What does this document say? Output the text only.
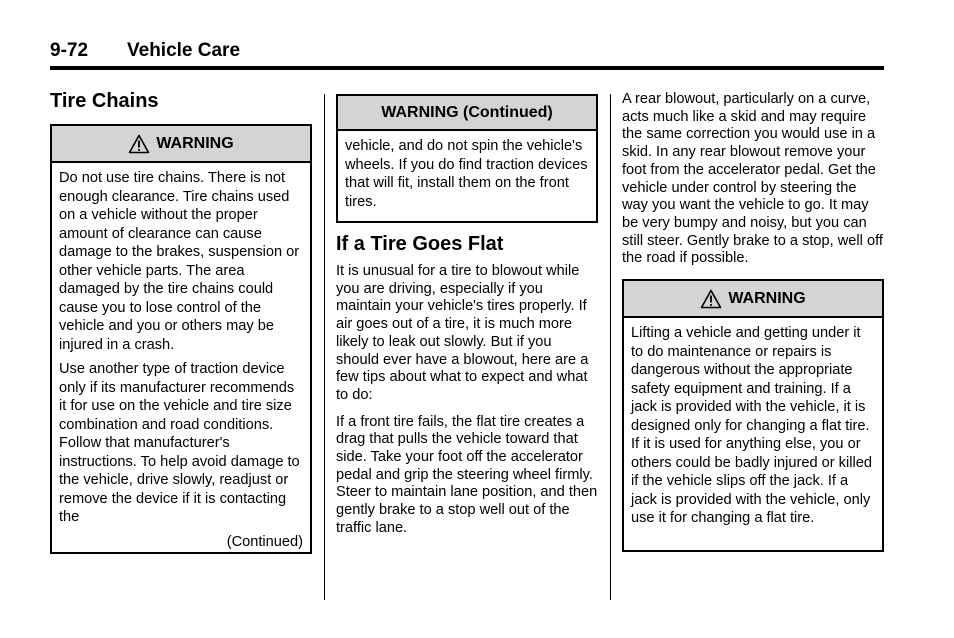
9-72 Vehicle Care
Tire Chains
WARNING

Do not use tire chains. There is not enough clearance. Tire chains used on a vehicle without the proper amount of clearance can cause damage to the brakes, suspension or other vehicle parts. The area damaged by the tire chains could cause you to lose control of the vehicle and you or others may be injured in a crash.

Use another type of traction device only if its manufacturer recommends it for use on the vehicle and tire size combination and road conditions. Follow that manufacturer's instructions. To help avoid damage to the vehicle, drive slowly, readjust or remove the device if it is contacting the

(Continued)
WARNING (Continued)

vehicle, and do not spin the vehicle's wheels. If you do find traction devices that will fit, install them on the front tires.

If a Tire Goes Flat

It is unusual for a tire to blowout while you are driving, especially if you maintain your vehicle's tires properly. If air goes out of a tire, it is much more likely to leak out slowly. But if you should ever have a blowout, here are a few tips about what to expect and what to do:

If a front tire fails, the flat tire creates a drag that pulls the vehicle toward that side. Take your foot off the accelerator pedal and grip the steering wheel firmly. Steer to maintain lane position, and then gently brake to a stop well out of the traffic lane.

A rear blowout, particularly on a curve, acts much like a skid and may require the same correction you would use in a skid. In any rear blowout remove your foot from the accelerator pedal. Get the vehicle under control by steering the way you want the vehicle to go. It may be very bumpy and noisy, but you can still steer. Gently brake to a stop, well off the road if possible.

WARNING

Lifting a vehicle and getting under it to do maintenance or repairs is dangerous without the appropriate safety equipment and training. If a jack is provided with the vehicle, it is designed only for changing a flat tire. If it is used for anything else, you or others could be badly injured or killed if the vehicle slips off the jack. If a jack is provided with the vehicle, only use it for changing a flat tire.
